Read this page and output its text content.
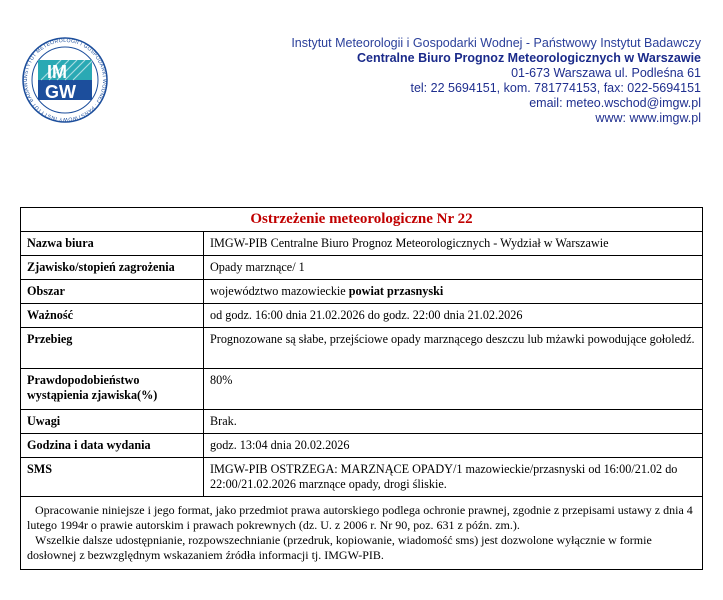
INSTYTUT METEOROLOGII I GOSPODARKI WODNEJ · PAŃSTWOWY INSTYTUT BADAWC IM
GW
Instytut Meteorologii i Gospodarki Wodnej - Państwowy Instytut Badawczy
Centralne Biuro Prognoz Meteorologicznych w Warszawie
01-673 Warszawa ul. Podleśna 61
tel: 22 5694151, kom. 781774153, fax: 022-5694151
email: meteo.wschod@imgw.pl
www: www.imgw.pl
Ostrzeżenie meteorologiczne Nr 22	
Nazwa biura	IMGW-PIB Centralne Biuro Prognoz Meteorologicznych - Wydział w Warszawie
Zjawisko/stopień zagrożenia	Opady marznące/ 1
Obszar	województwo mazowieckie powiat przasnyski
Ważność	od godz. 16:00 dnia 21.02.2026 do godz. 22:00 dnia 21.02.2026
Przebieg	Prognozowane są słabe, przejściowe opady marznącego deszczu lub mżawki powodujące gołoledź.
Prawdopodobieństwo wystąpienia zjawiska(%)	80%
Uwagi	Brak.
Godzina i data wydania	godz. 13:04 dnia 20.02.2026
SMS	IMGW-PIB OSTRZEGA: MARZNĄCE OPADY/1 mazowieckie/przasnyski od 16:00/21.02 do 22:00/21.02.2026 marznące opady, drogi śliskie.

Opracowanie niniejsze i jego format, jako przedmiot prawa autorskiego podlega ochronie prawnej, zgodnie z przepisami ustawy z dnia 4 lutego 1994r o prawie autorskim i prawach pokrewnych (dz. U. z 2006 r. Nr 90, poz. 631 z późn. zm.).
Wszelkie dalsze udostępnianie, rozpowszechnianie (przedruk, kopiowanie, wiadomość sms) jest dozwolone wyłącznie w formie dosłownej z bezwzględnym wskazaniem źródła informacji tj. IMGW-PIB.	
